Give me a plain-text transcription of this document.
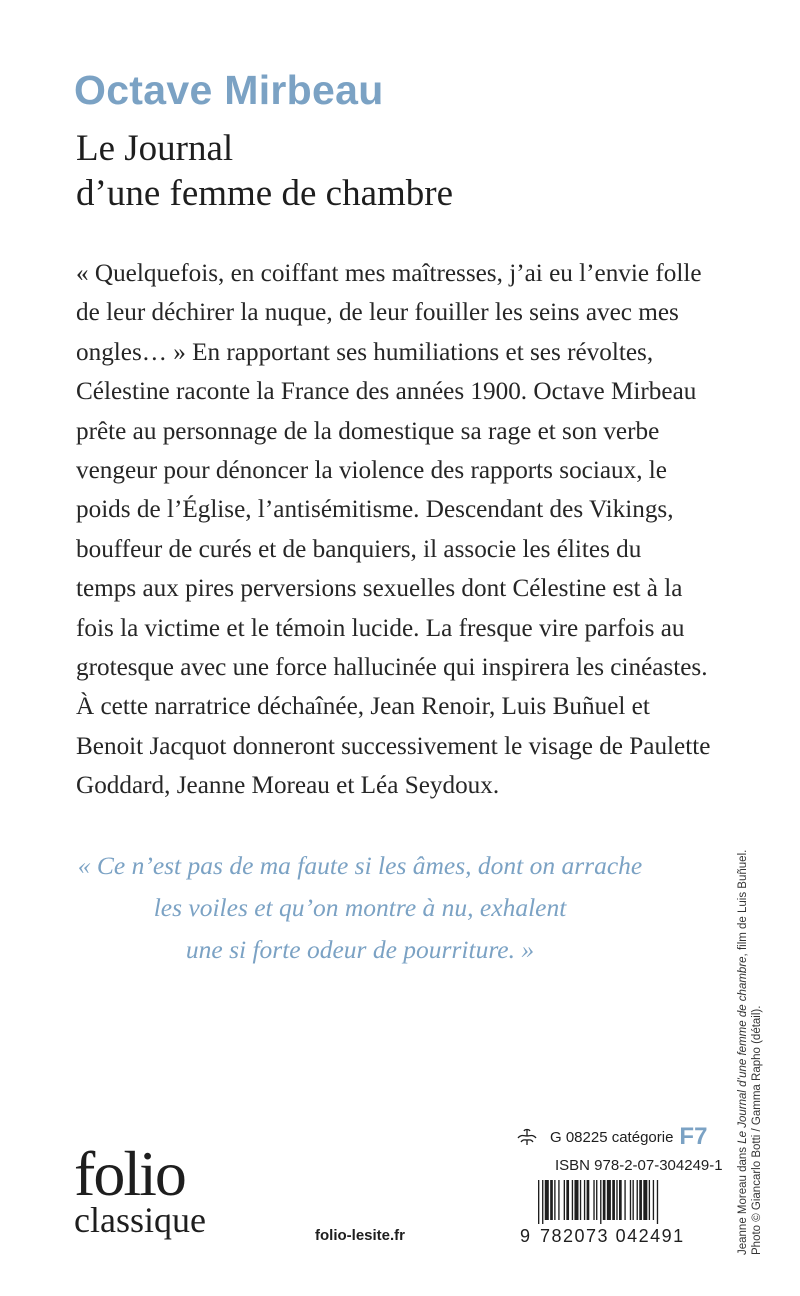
Octave Mirbeau
Le Journal
d’une femme de chambre
« Quelquefois, en coiffant mes maîtresses, j’ai eu l’envie folle
de leur déchirer la nuque, de leur fouiller les seins avec mes
ongles… » En rapportant ses humiliations et ses révoltes,
Célestine raconte la France des années 1900. Octave Mirbeau
prête au personnage de la domestique sa rage et son verbe
vengeur pour dénoncer la violence des rapports sociaux, le
poids de l’Église, l’antisémitisme. Descendant des Vikings,
bouffeur de curés et de banquiers, il associe les élites du
temps aux pires perversions sexuelles dont Célestine est à la
fois la victime et le témoin lucide. La fresque vire parfois au
grotesque avec une force hallucinée qui inspirera les cinéastes.
À cette narratrice déchaînée, Jean Renoir, Luis Buñuel et
Benoit Jacquot donneront successivement le visage de Paulette
Goddard, Jeanne Moreau et Léa Seydoux.
« Ce n’est pas de ma faute si les âmes, dont on arrache
les voiles et qu’on montre à nu, exhalent
une si forte odeur de pourriture. »
Jeanne Moreau dans Le Journal d’une femme de chambre, film de Luis Buñuel.
Photo © Giancarlo Botti / Gamma Rapho (détail).
folio
classique	folio-lesite.fr
G 08225 catégorie F7
ISBN 978-2-07-304249-1
9 782073 042491
